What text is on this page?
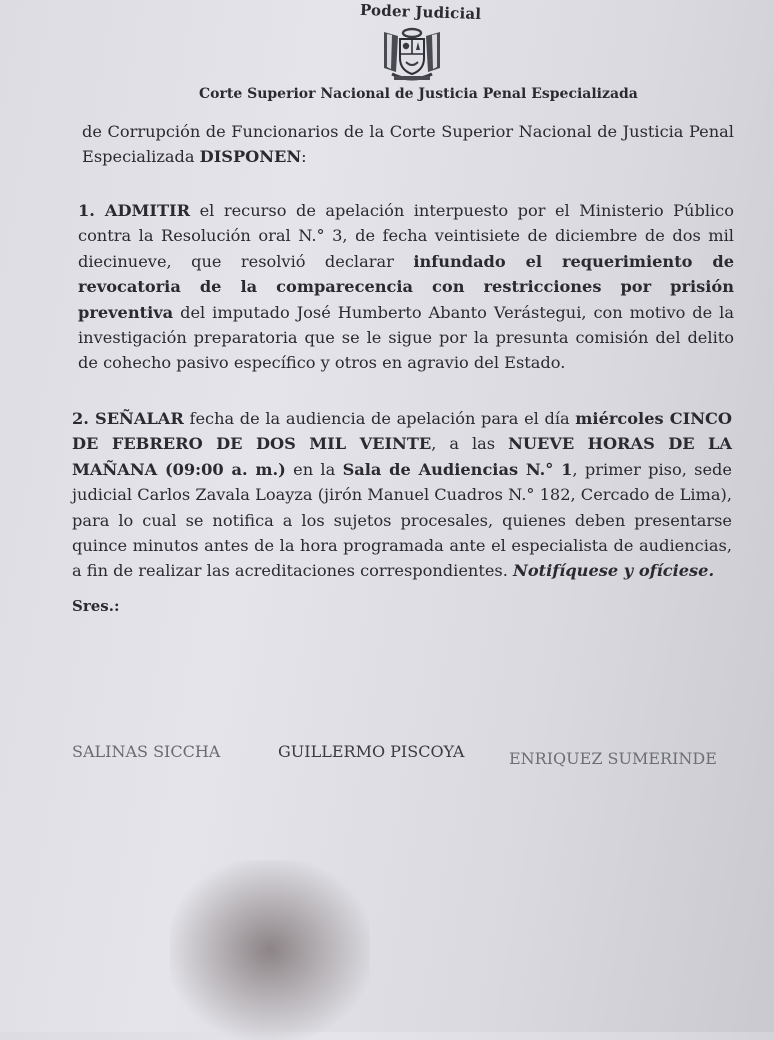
Poder Judicial
Corte Superior Nacional de Justicia Penal Especializada

de Corrupción de Funcionarios de la Corte Superior Nacional de Justicia Penal Especializada DISPONEN:

1. ADMITIR el recurso de apelación interpuesto por el Ministerio Público contra la Resolución oral N.° 3, de fecha veintisiete de diciembre de dos mil diecinueve, que resolvió declarar infundado el requerimiento de revocatoria de la comparecencia con restricciones por prisión preventiva del imputado José Humberto Abanto Verástegui, con motivo de la investigación preparatoria que se le sigue por la presunta comisión del delito de cohecho pasivo específico y otros en agravio del Estado.

2. SEÑALAR fecha de la audiencia de apelación para el día miércoles CINCO DE FEBRERO DE DOS MIL VEINTE, a las NUEVE HORAS DE LA MAÑANA (09:00 a. m.) en la Sala de Audiencias N.° 1, primer piso, sede judicial Carlos Zavala Loayza (jirón Manuel Cuadros N.° 182, Cercado de Lima), para lo cual se notifica a los sujetos procesales, quienes deben presentarse quince minutos antes de la hora programada ante el especialista de audiencias, a fin de realizar las acreditaciones correspondientes. Notifíquese y ofíciese.

Sres.:
SALINAS SICCHA	GUILLERMO PISCOYA	ENRIQUEZ SUMERINDE
